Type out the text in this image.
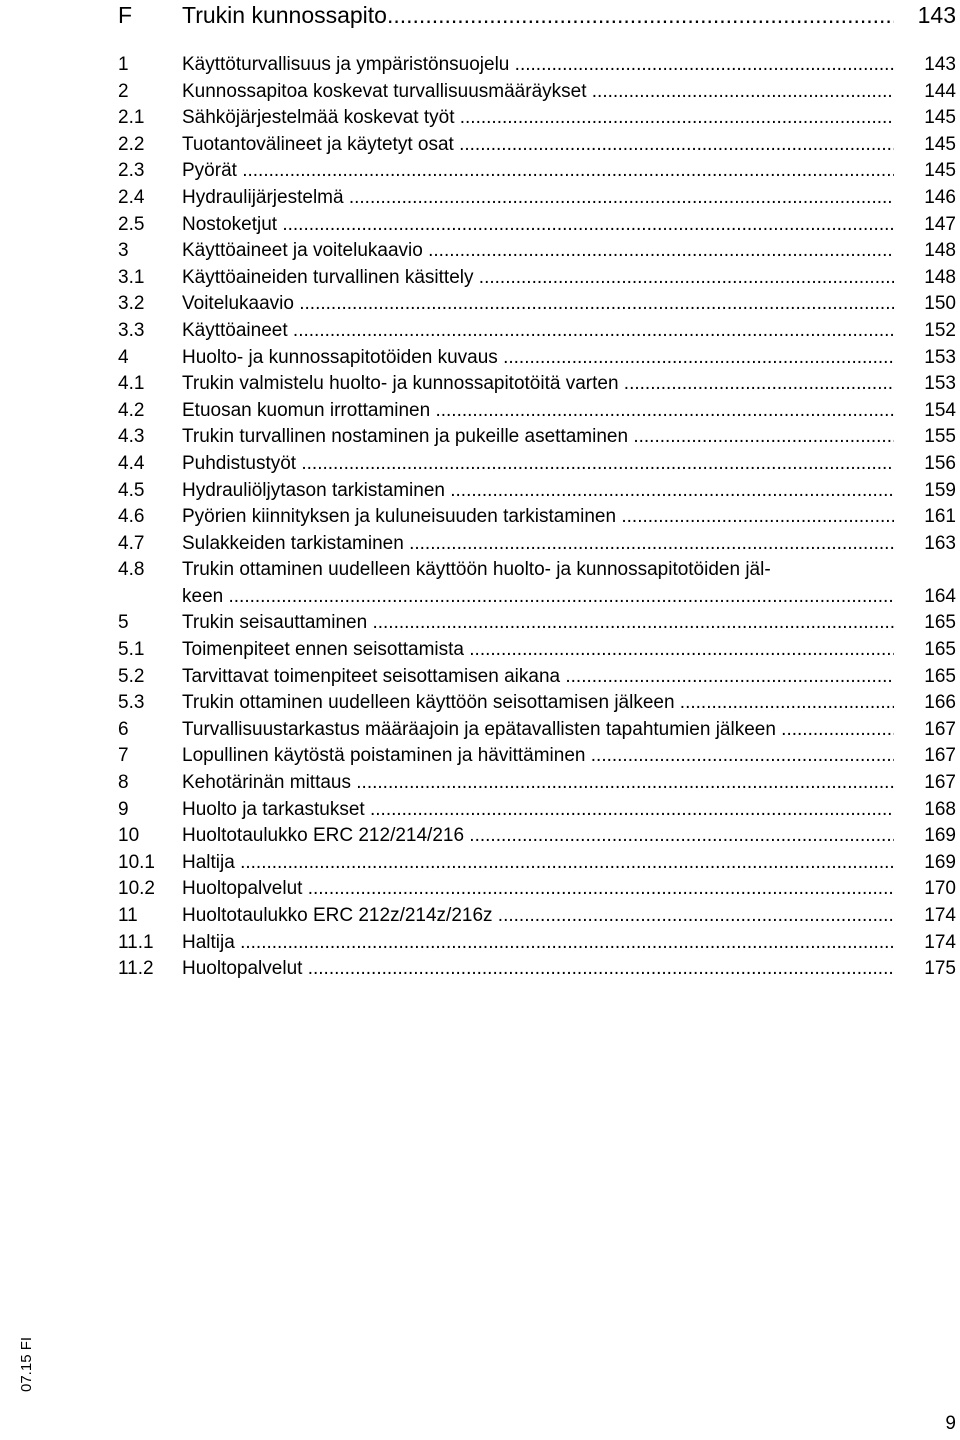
F Trukin kunnossapito .....	143
1	Käyttöturvallisuus ja ympäristönsuojelu .....	143
2	Kunnossapitoa koskevat turvallisuusmääräykset .....	144
2.1 Sähköjärjestelmää koskevat työt .....	145
2.2 Tuotantovälineet ja käytetyt osat .....	145
2.3 Pyörät .....	145
2.4 Hydraulijärjestelmä .....	146
2.5 Nostoketjut .....	147
3	Käyttöaineet ja voitelukaavio .....	148
3.1 Käyttöaineiden turvallinen käsittely .....	148
3.2 Voitelukaavio .....	150
3.3 Käyttöaineet .....	152
4	Huolto- ja kunnossapitotöiden kuvaus .....	153
4.1 Trukin valmistelu huolto- ja kunnossapitotöitä varten .....	153
4.2 Etuosan kuomun irrottaminen .....	154
4.3 Trukin turvallinen nostaminen ja pukeille asettaminen .....	155
4.4 Puhdistustyöt .....	156
4.5 Hydrauliöljytason tarkistaminen .....	159
4.6 Pyörien kiinnityksen ja kuluneisuuden tarkistaminen .....	161
4.7 Sulakkeiden tarkistaminen .....	163
4.8 Trukin ottaminen uudelleen käyttöön huolto- ja kunnossapitotöiden jäl-
keen .....	164
5	Trukin seisauttaminen .....	165
5.1 Toimenpiteet ennen seisottamista .....	165
5.2 Tarvittavat toimenpiteet seisottamisen aikana .....	165
5.3 Trukin ottaminen uudelleen käyttöön seisottamisen jälkeen .....	166
6	Turvallisuustarkastus määräajoin ja epätavallisten tapahtumien jälkeen .....	167
7	Lopullinen käytöstä poistaminen ja hävittäminen .....	167
8	Kehotärinän mittaus .....	167
9	Huolto ja tarkastukset .....	168
10 Huoltotaulukko ERC 212/214/216 .....	169
10.1 Haltija .....	169
10.2 Huoltopalvelut .....	170
11 Huoltotaulukko ERC 212z/214z/216z .....	174
11.1 Haltija .....	174
11.2 Huoltopalvelut .....	175
07.15 FI
9
